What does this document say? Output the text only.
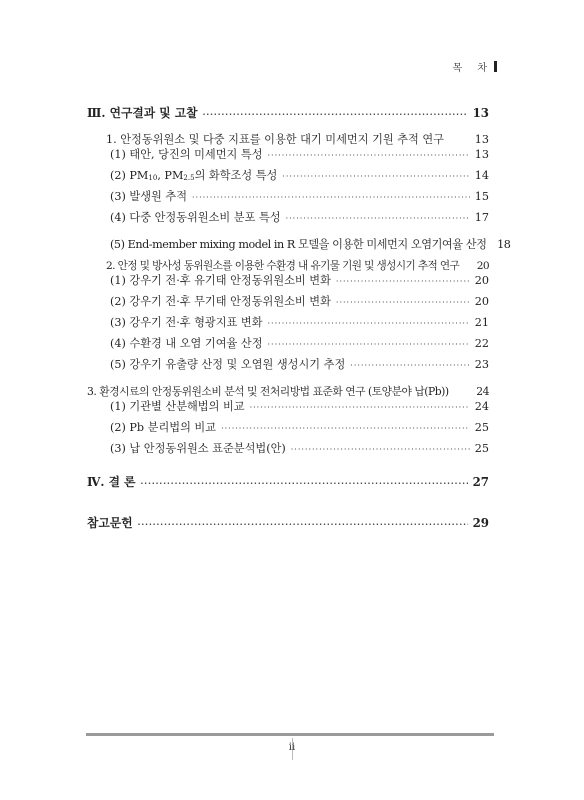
목 차
Ⅲ. 연구결과 및 고찰 ·····	13
1. 안정동위원소 및 다중 지표를 이용한 대기 미세먼지 기원 추적 연구	13
(1) 태안, 당진의 미세먼지 특성 ·····	13
(2) $PM_{10}$, $PM_{2.5}$의 화학조성 특성 ·····	14
(3) 발생원 추적 ·····	15
(4) 다중 안정동위원소비 분포 특성 ·····	17
(5) End-member mixing model in R 모델을 이용한 미세먼지 오염기여율 산정 18
2. 안정 및 방사성 동위원소를 이용한 수환경 내 유기물 기원 및 생성시기 추적 연구 20
(1) 강우기 전·후 유기태 안정동위원소비 변화 ·····	20
(2) 강우기 전·후 무기태 안정동위원소비 변화 ·····	20
(3) 강우기 전·후 형광지표 변화 ·····	21
(4) 수환경 내 오염 기여율 산정 ·····	22
(5) 강우기 유출량 산정 및 오염원 생성시기 추정 ·····	23
3. 환경시료의 안정동위원소비 분석 및 전처리방법 표준화 연구 (토양분야 납(Pb))	24
(1) 기관별 산분해법의 비교 ·····	24
(2) Pb 분리법의 비교 ·····	25
(3) 납 안정동위원소 표준분석법(안) ·····	25
Ⅳ. 결 론 ·····	27
참고문헌 ·····	29
ii
